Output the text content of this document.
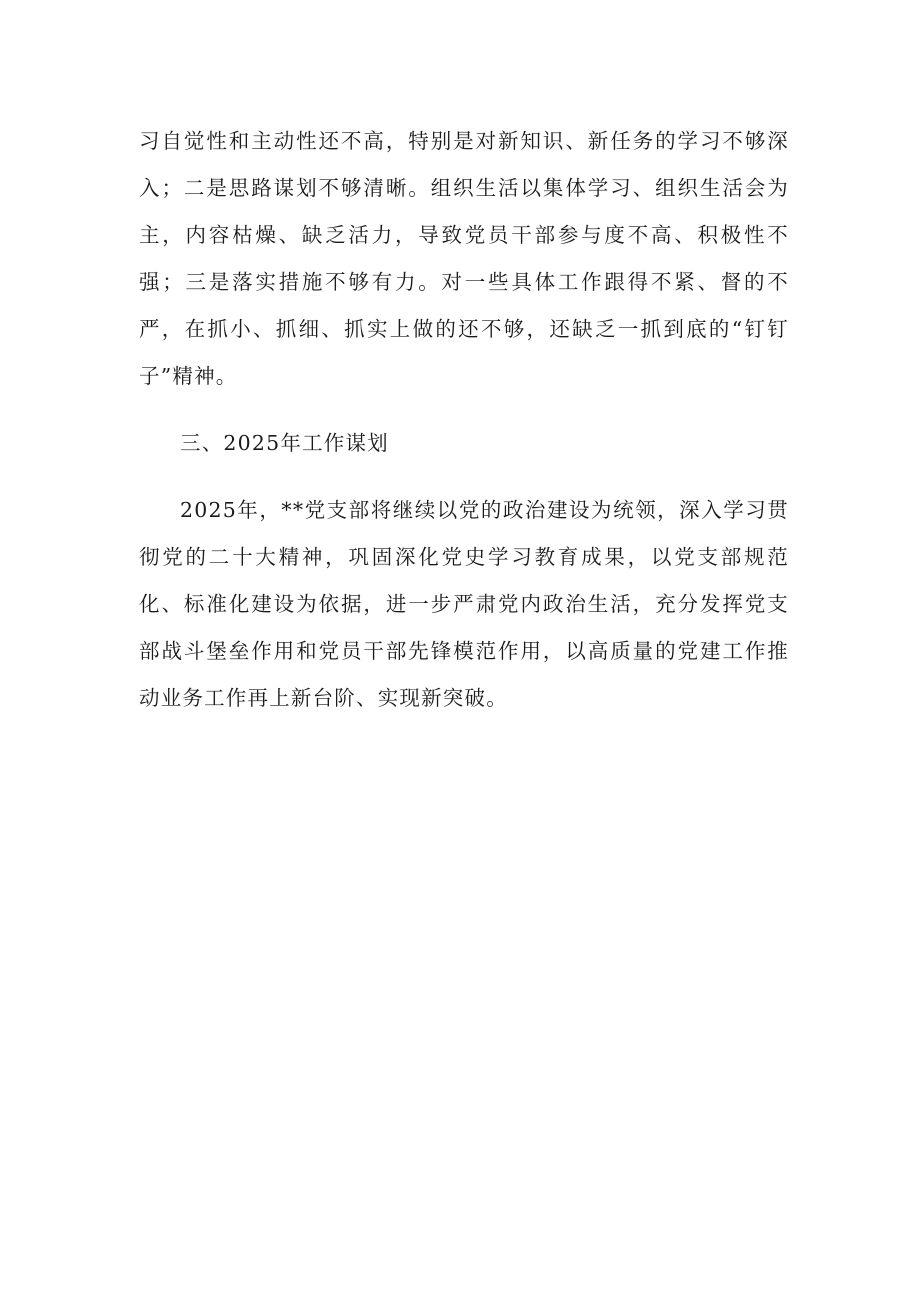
习自觉性和主动性还不高，特别是对新知识、新任务的学习不够深入；二是思路谋划不够清晰。组织生活以集体学习、组织生活会为主，内容枯燥、缺乏活力，导致党员干部参与度不高、积极性不强；三是落实措施不够有力。对一些具体工作跟得不紧、督的不严，在抓小、抓细、抓实上做的还不够，还缺乏一抓到底的“钉钉子”精神。

三、2025年工作谋划

2025年，**党支部将继续以党的政治建设为统领，深入学习贯彻党的二十大精神，巩固深化党史学习教育成果，以党支部规范化、标准化建设为依据，进一步严肃党内政治生活，充分发挥党支部战斗堡垒作用和党员干部先锋模范作用，以高质量的党建工作推动业务工作再上新台阶、实现新突破。
